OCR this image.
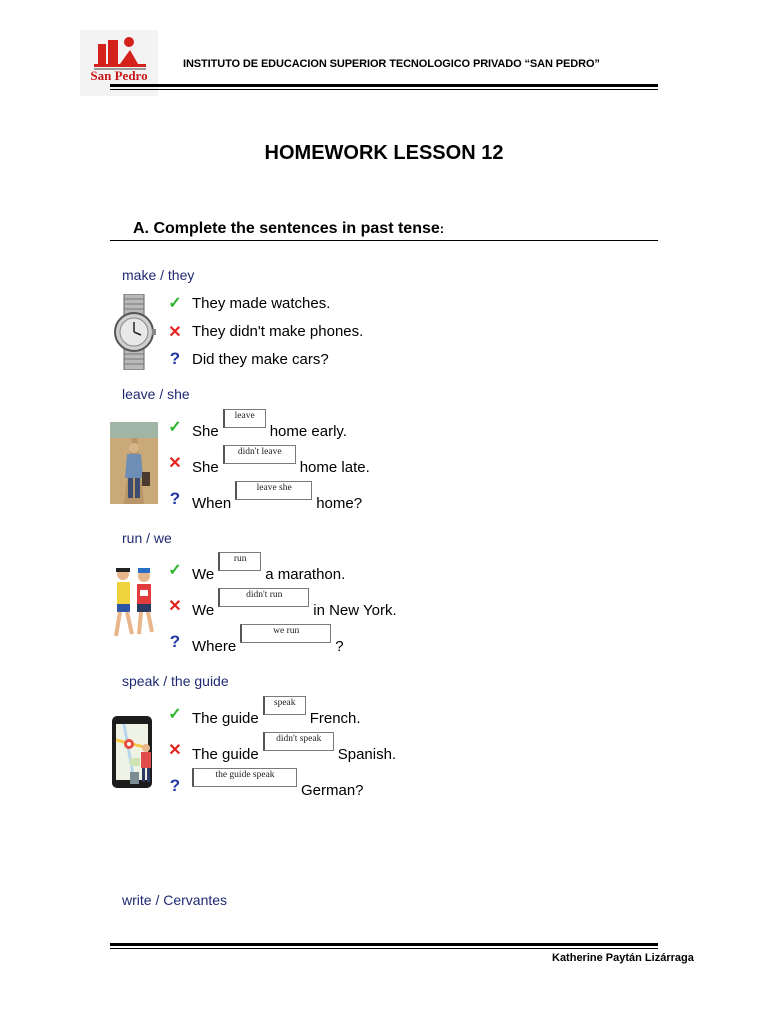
San Pedro
INSTITUTO DE EDUCACION SUPERIOR TECNOLOGICO PRIVADO “SAN PEDRO”
HOMEWORK LESSON 12
A. Complete the sentences in past tense:
make / they
✓ They made watches.
✕ They didn't make phones.
? Did they make cars?
leave / she
✓ Sheleavehome early.
✕ Shedidn't leavehome late.
? Whenleave shehome?
run / we
✓ Weruna marathon.
✕ Wedidn't runin New York.
? Wherewe run?
speak / the guide
✓ The guidespeakFrench.
✕ The guidedidn't speakSpanish.
?
the guide speakGerman?
write / Cervantes
Katherine Paytán Lizárraga
